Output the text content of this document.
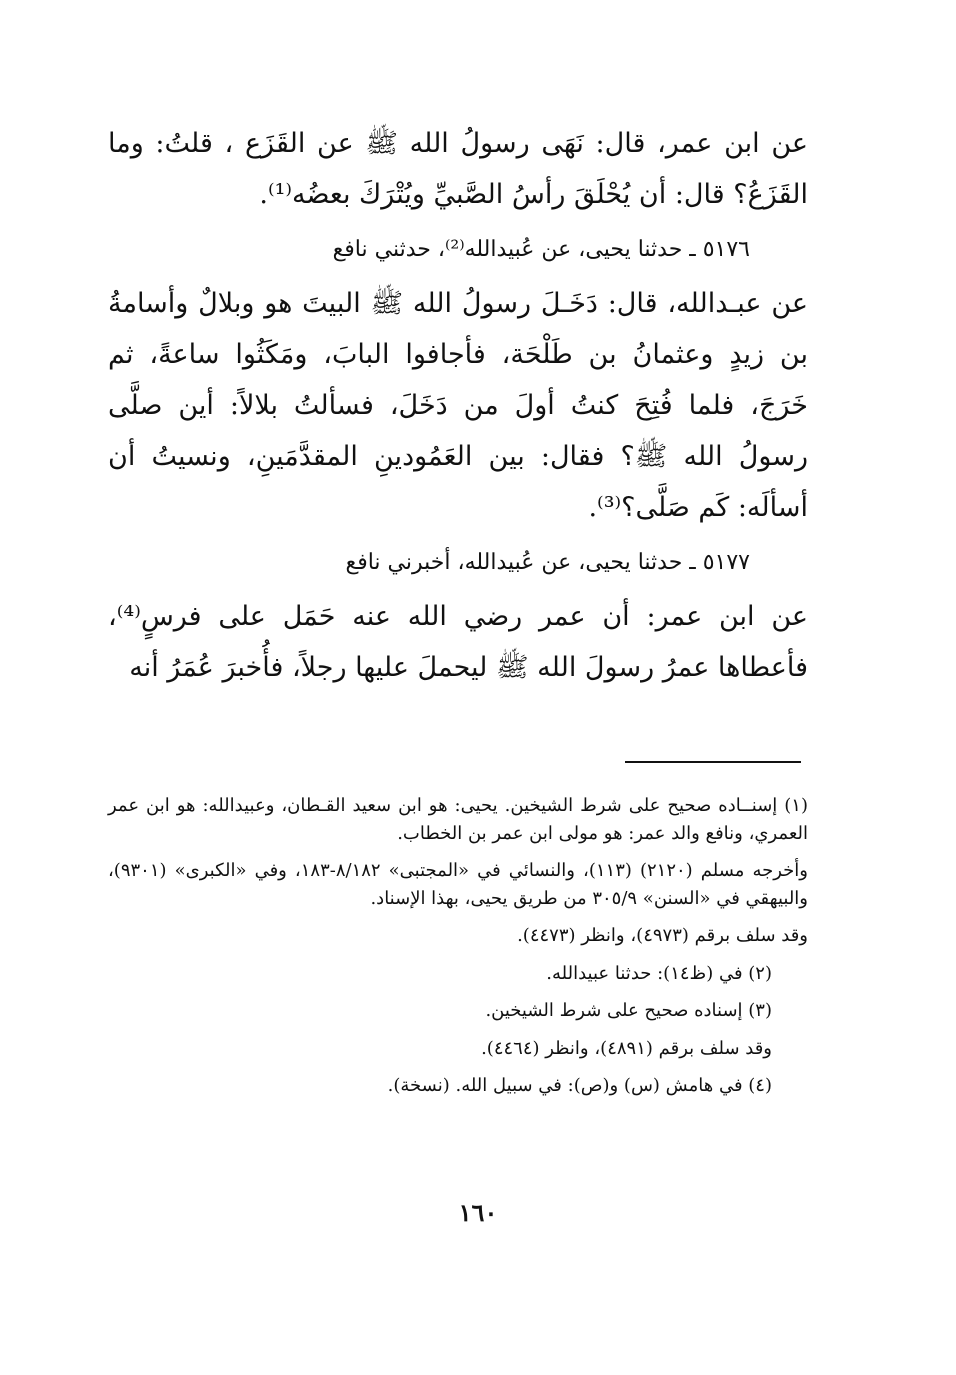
عن ابن عمر، قال: نَهَى رسولُ الله ﷺ عن القَزَع ، قلتُ: وما القَزَعُ؟ قال: أن يُحْلَقَ رأسُ الصَّبيِّ ويُتْرَكَ بعضُه⁽¹⁾.

٥١٧٦ ـ حدثنا يحيى، عن عُبيدالله⁽²⁾، حدثني نافع

عن عبـدالله، قال: دَخَـلَ رسولُ الله ﷺ البيتَ هو وبلالٌ وأسامةُ بن زيدٍ وعثمانُ بن طَلْحَة، فأجافوا البابَ، ومَكَثُوا ساعةً، ثم خَرَجَ، فلما فُتِحَ كنتُ أولَ من دَخَلَ، فسألتُ بلالاً: أين صلَّى رسولُ الله ﷺ؟ فقال: بين العَمُودينِ المقدَّمَينِ، ونسيتُ أن أسألَه: كَم صَلَّى؟⁽³⁾.

٥١٧٧ ـ حدثنا يحيى، عن عُبيدالله، أخبرني نافع

عن ابن عمر: أن عمر رضي الله عنه حَمَل على فرسٍ⁽⁴⁾، فأعطاها عمرُ رسولَ الله ﷺ ليحملَ عليها رجلاً، فأُخبرَ عُمَرُ أنه

(١) إسنــاده صحيح على شرط الشيخين. يحيى: هو ابن سعيد القـطان، وعبيدالله: هو ابن عمر العمري، ونافع والد عمر: هو مولى ابن عمر بن الخطاب.

وأخرجه مسلم (٢١٢٠) (١١٣)، والنسائي في «المجتبى» ٨/١٨٢-١٨٣، وفي «الكبرى» (٩٣٠١)، والبيهقي في «السنن» ٣٠٥/٩ من طريق يحيى، بهذا الإسناد.

وقد سلف برقم (٤٩٧٣)، وانظر (٤٤٧٣).

(٢) في (ظ١٤): حدثنا عبيدالله.

(٣) إسناده صحيح على شرط الشيخين.

وقد سلف برقم (٤٨٩١)، وانظر (٤٤٦٤).

(٤) في هامش (س) و(ص): في سبيل الله. (نسخة).

١٦٠
